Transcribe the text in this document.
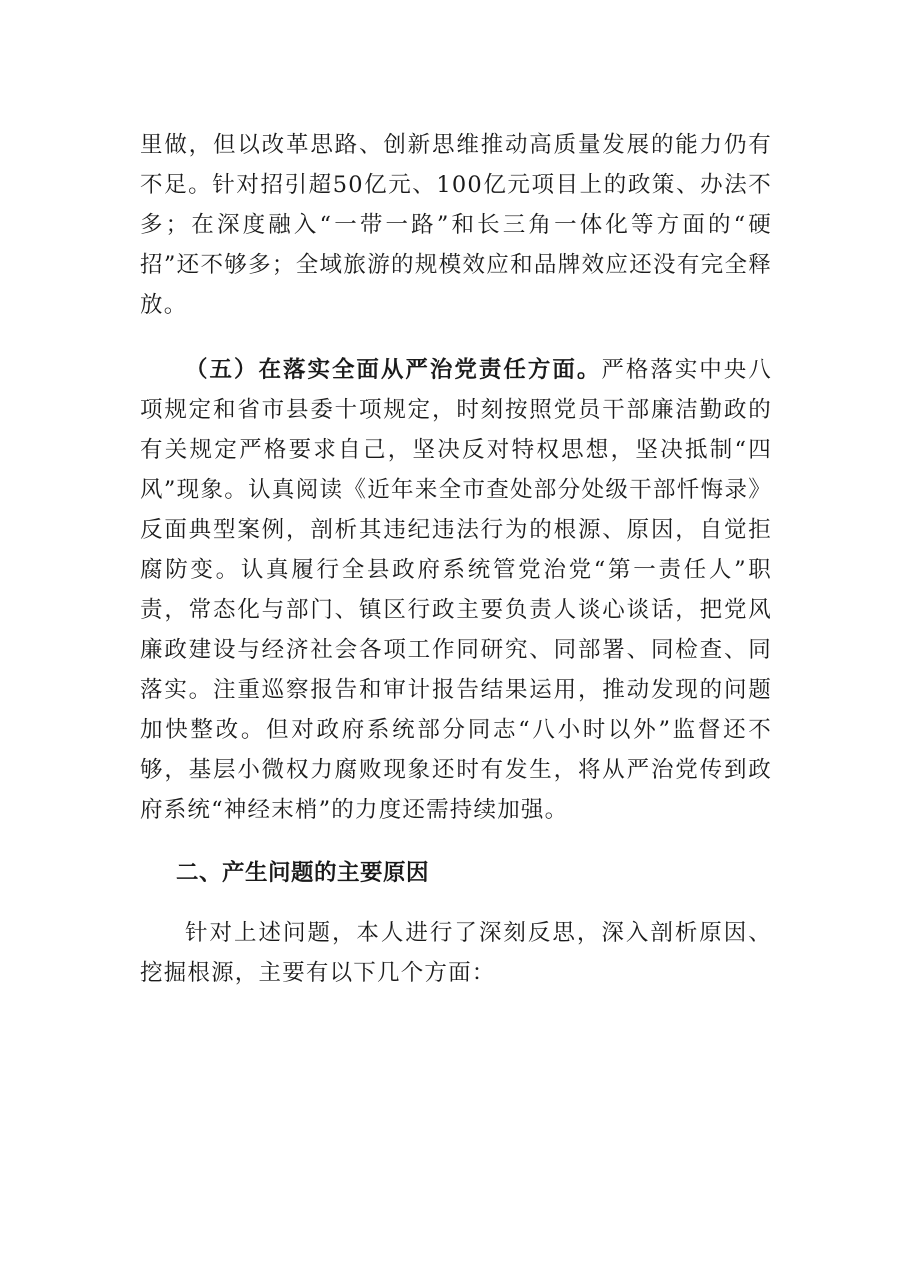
里做，但以改革思路、创新思维推动高质量发展的能力仍有不足。针对招引超50亿元、100亿元项目上的政策、办法不多；在深度融入“一带一路”和长三角一体化等方面的“硬招”还不够多；全域旅游的规模效应和品牌效应还没有完全释放。

（五）在落实全面从严治党责任方面。严格落实中央八项规定和省市县委十项规定，时刻按照党员干部廉洁勤政的有关规定严格要求自己，坚决反对特权思想，坚决抵制“四风”现象。认真阅读《近年来全市查处部分处级干部忏悔录》反面典型案例，剖析其违纪违法行为的根源、原因，自觉拒腐防变。认真履行全县政府系统管党治党“第一责任人”职责，常态化与部门、镇区行政主要负责人谈心谈话，把党风廉政建设与经济社会各项工作同研究、同部署、同检查、同落实。注重巡察报告和审计报告结果运用，推动发现的问题加快整改。但对政府系统部分同志“八小时以外”监督还不够，基层小微权力腐败现象还时有发生，将从严治党传到政府系统“神经末梢”的力度还需持续加强。

二、产生问题的主要原因

针对上述问题，本人进行了深刻反思，深入剖析原因、挖掘根源，主要有以下几个方面：
